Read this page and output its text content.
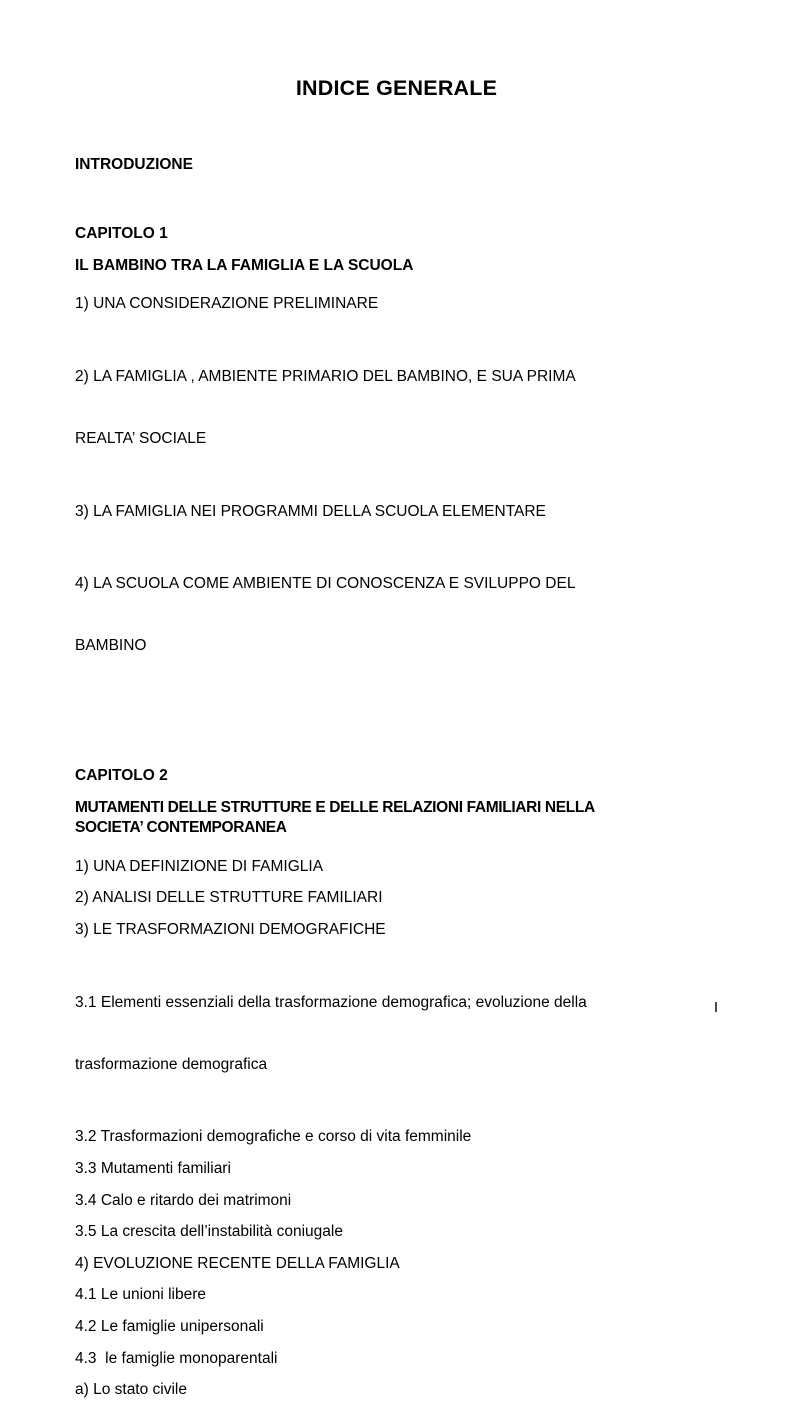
INDICE GENERALE
INTRODUZIONE
CAPITOLO 1
IL BAMBINO TRA LA FAMIGLIA E LA SCUOLA

1) UNA CONSIDERAZIONE PRELIMINARE

2) LA FAMIGLIA , AMBIENTE PRIMARIO DEL BAMBINO, E SUA PRIMA

REALTA’ SOCIALE

3) LA FAMIGLIA NEI PROGRAMMI DELLA SCUOLA ELEMENTARE

4) LA SCUOLA COME AMBIENTE DI CONOSCENZA E SVILUPPO DEL

BAMBINO

CAPITOLO 2
MUTAMENTI DELLE STRUTTURE E DELLE RELAZIONI FAMILIARI NELLA
SOCIETA’ CONTEMPORANEA

1) UNA DEFINIZIONE DI FAMIGLIA

2) ANALISI DELLE STRUTTURE FAMILIARI

3) LE TRASFORMAZIONI DEMOGRAFICHE

3.1 Elementi essenziali della trasformazione demografica; evoluzione della

trasformazione demografica

3.2 Trasformazioni demografiche e corso di vita femminile

3.3 Mutamenti familiari

3.4 Calo e ritardo dei matrimoni

3.5 La crescita dell’instabilità coniugale

4) EVOLUZIONE RECENTE DELLA FAMIGLIA

4.1 Le unioni libere

4.2 Le famiglie unipersonali

4.3  le famiglie monoparentali

a) Lo stato civile

I
